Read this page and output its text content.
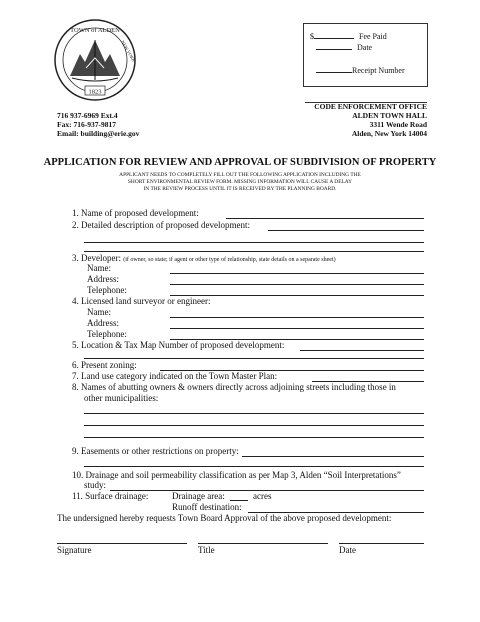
TOWN of ALDEN
NEW YORK
1823
$	Fee Paid
Date
Receipt Number
CODE ENFORCEMENT OFFICE
ALDEN TOWN HALL
3311 Wende Road
Alden, New York 14004
716 937-6969 Ext.4
Fax: 716-937-9817
Email: building@erie.gov
APPLICATION FOR REVIEW AND APPROVAL OF SUBDIVISION OF PROPERTY
APPLICANT NEEDS TO COMPLETELY FILL OUT THE FOLLOWING APPLICATION INCLUDING THE
SHORT ENVIRONMENTAL REVIEW FORM. MISSING INFORMATION WILL CAUSE A DELAY
IN THE REVIEW PROCESS UNTIL IT IS RECEIVED BY THE PLANNING BOARD.
1. Name of proposed development:
2. Detailed description of proposed development:
3. Developer: (if owner, so state; if agent or other type of relationship, state details on a separate sheet)
Name:
Address:
Telephone:
4. Licensed land surveyor or engineer:
Name:
Address:
Telephone:
5. Location & Tax Map Number of proposed development:
6. Present zoning:
7. Land use category indicated on the Town Master Plan:
8. Names of abutting owners & owners directly across adjoining streets including those in
other municipalities:
9. Easements or other restrictions on property:
10. Drainage and soil permeability classification as per Map 3, Alden “Soil Interpretations”
study:
11. Surface drainage:	Drainage area:	acres
Runoff destination:
The undersigned hereby requests Town Board Approval of the above proposed development:
Signature	Title	Date
